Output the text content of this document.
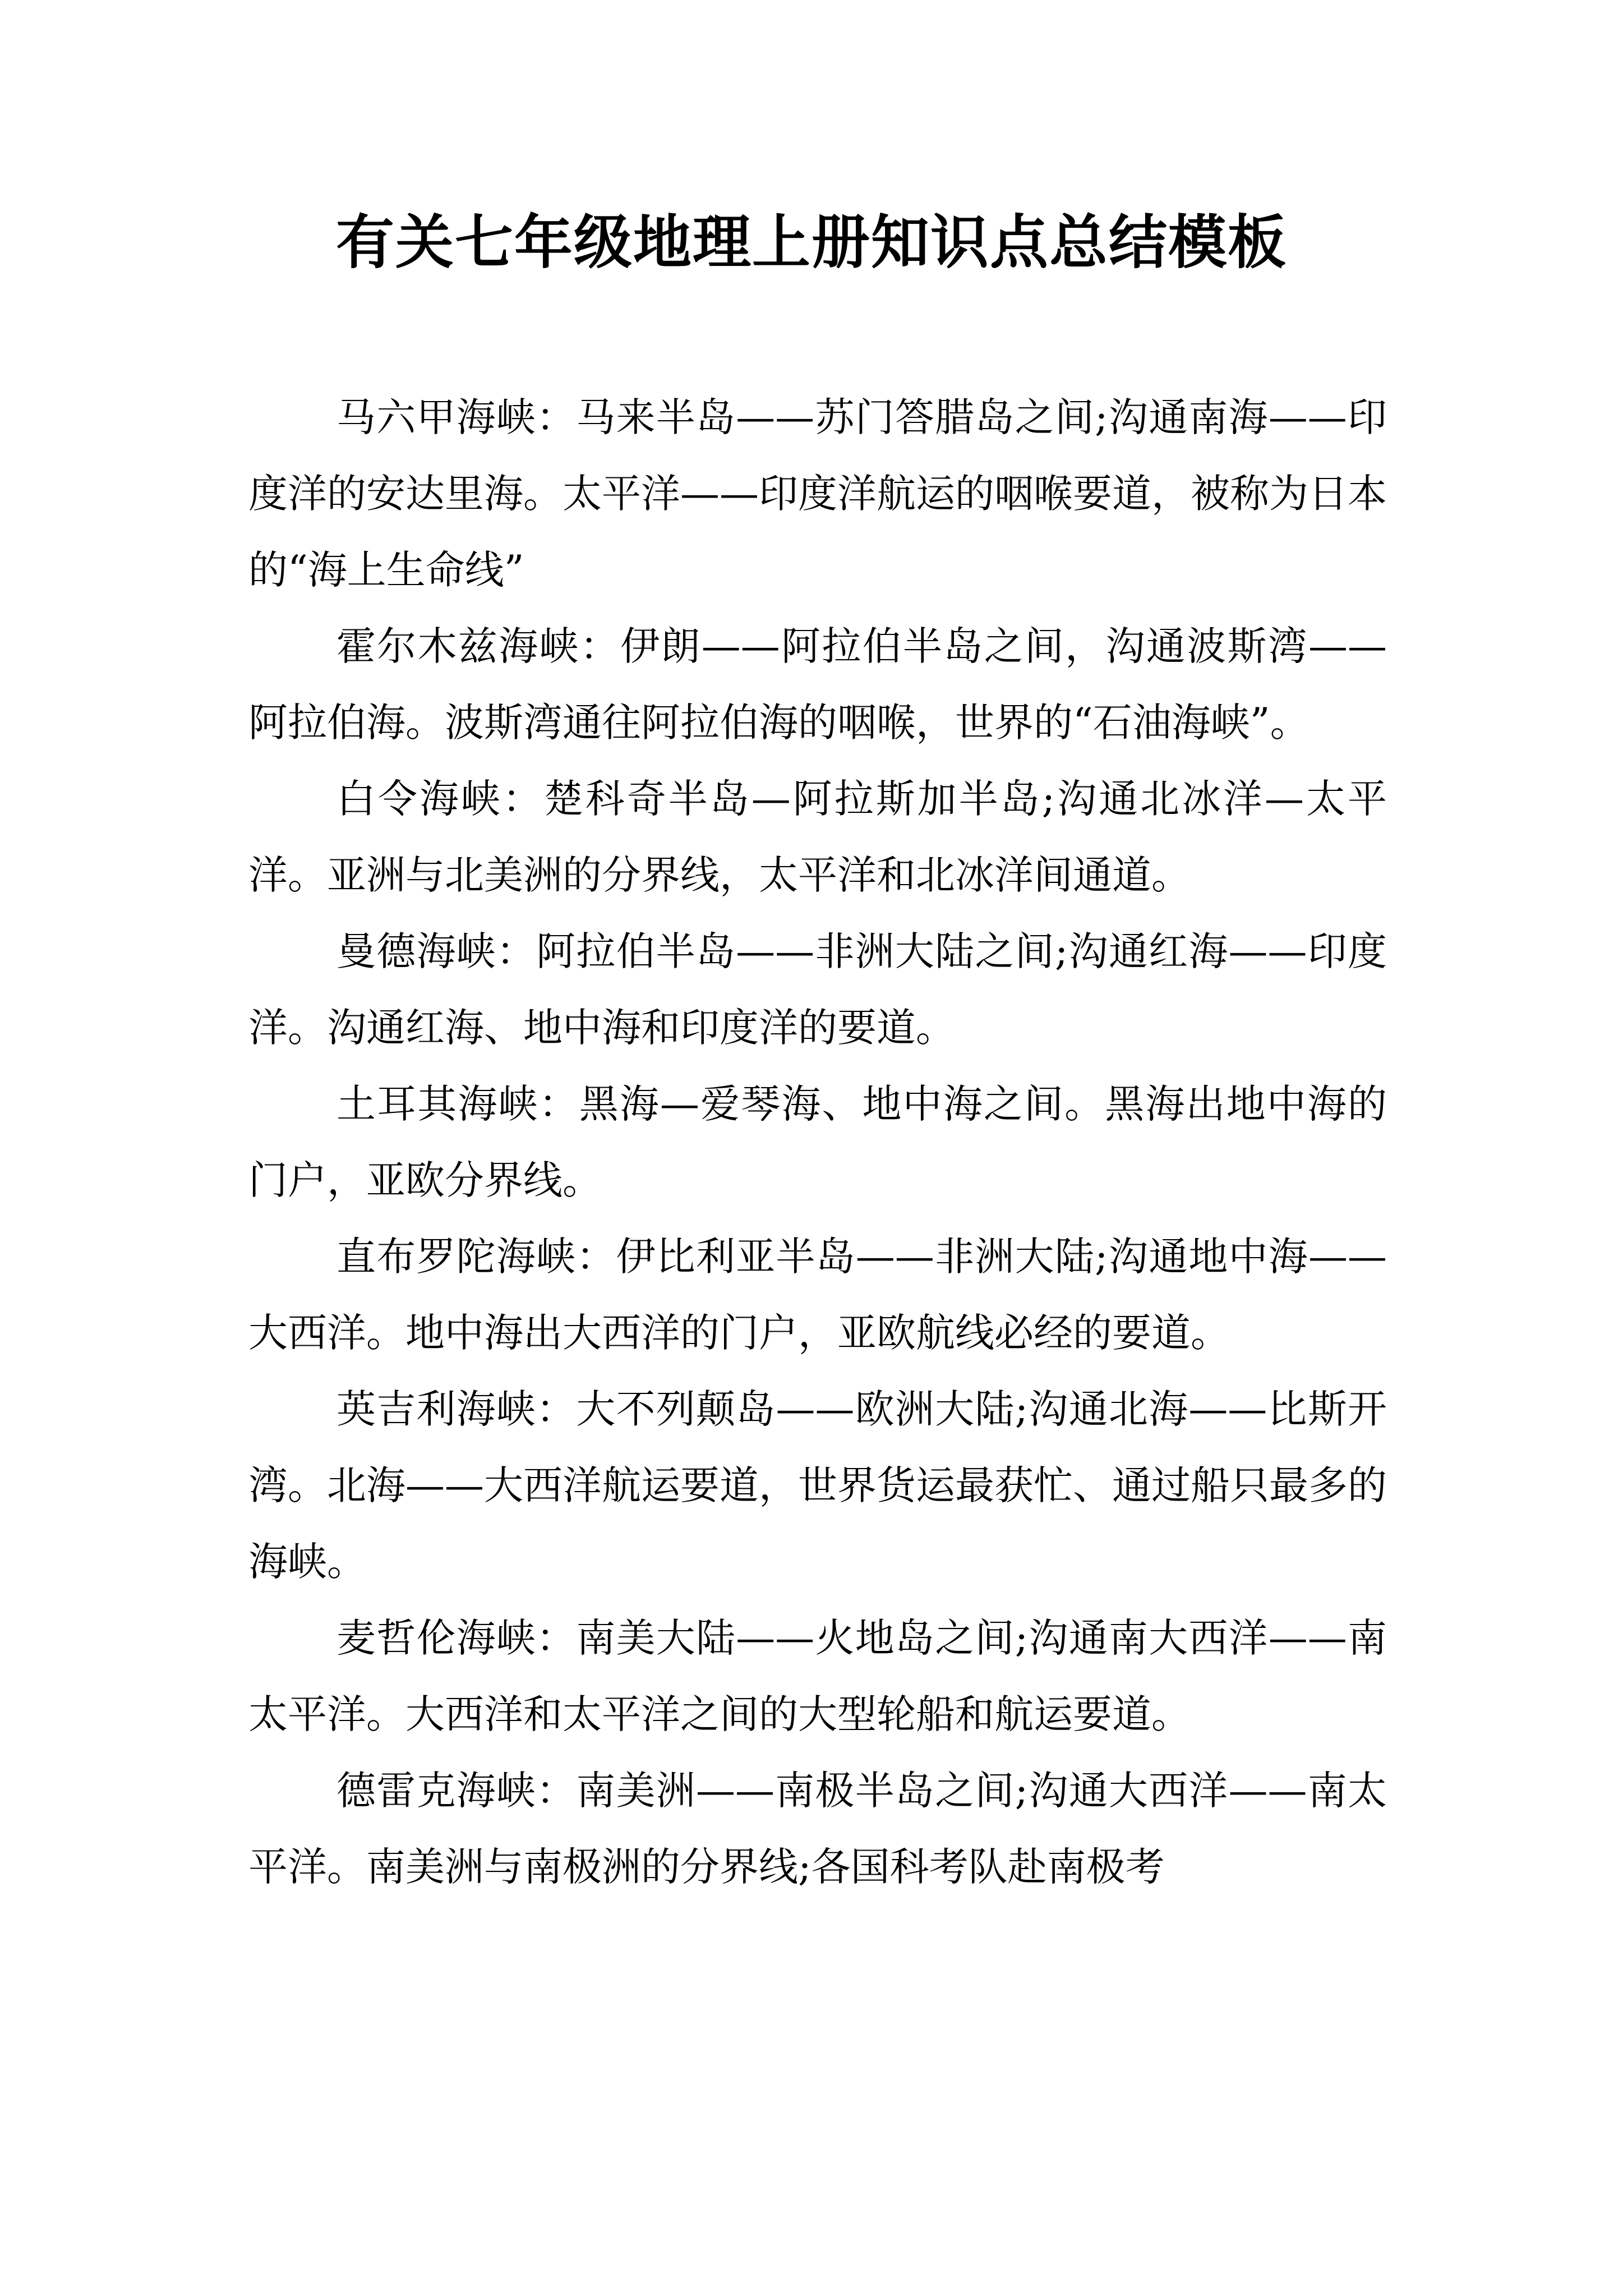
有关七年级地理上册知识点总结模板

马六甲海峡：马来半岛——苏门答腊岛之间;沟通南海——印度洋的安达里海。太平洋——印度洋航运的咽喉要道，被称为日本的“海上生命线”

霍尔木兹海峡：伊朗——阿拉伯半岛之间，沟通波斯湾——阿拉伯海。波斯湾通往阿拉伯海的咽喉，世界的“石油海峡”。

白令海峡：楚科奇半岛—阿拉斯加半岛;沟通北冰洋—太平洋。亚洲与北美洲的分界线，太平洋和北冰洋间通道。

曼德海峡：阿拉伯半岛——非洲大陆之间;沟通红海——印度洋。沟通红海、地中海和印度洋的要道。

土耳其海峡：黑海—爱琴海、地中海之间。黑海出地中海的门户，亚欧分界线。

直布罗陀海峡：伊比利亚半岛——非洲大陆;沟通地中海——大西洋。地中海出大西洋的门户，亚欧航线必经的要道。

英吉利海峡：大不列颠岛——欧洲大陆;沟通北海——比斯开湾。北海——大西洋航运要道，世界货运最获忙、通过船只最多的海峡。

麦哲伦海峡：南美大陆——火地岛之间;沟通南大西洋——南太平洋。大西洋和太平洋之间的大型轮船和航运要道。

德雷克海峡：南美洲——南极半岛之间;沟通大西洋——南太平洋。南美洲与南极洲的分界线;各国科考队赴南极考
